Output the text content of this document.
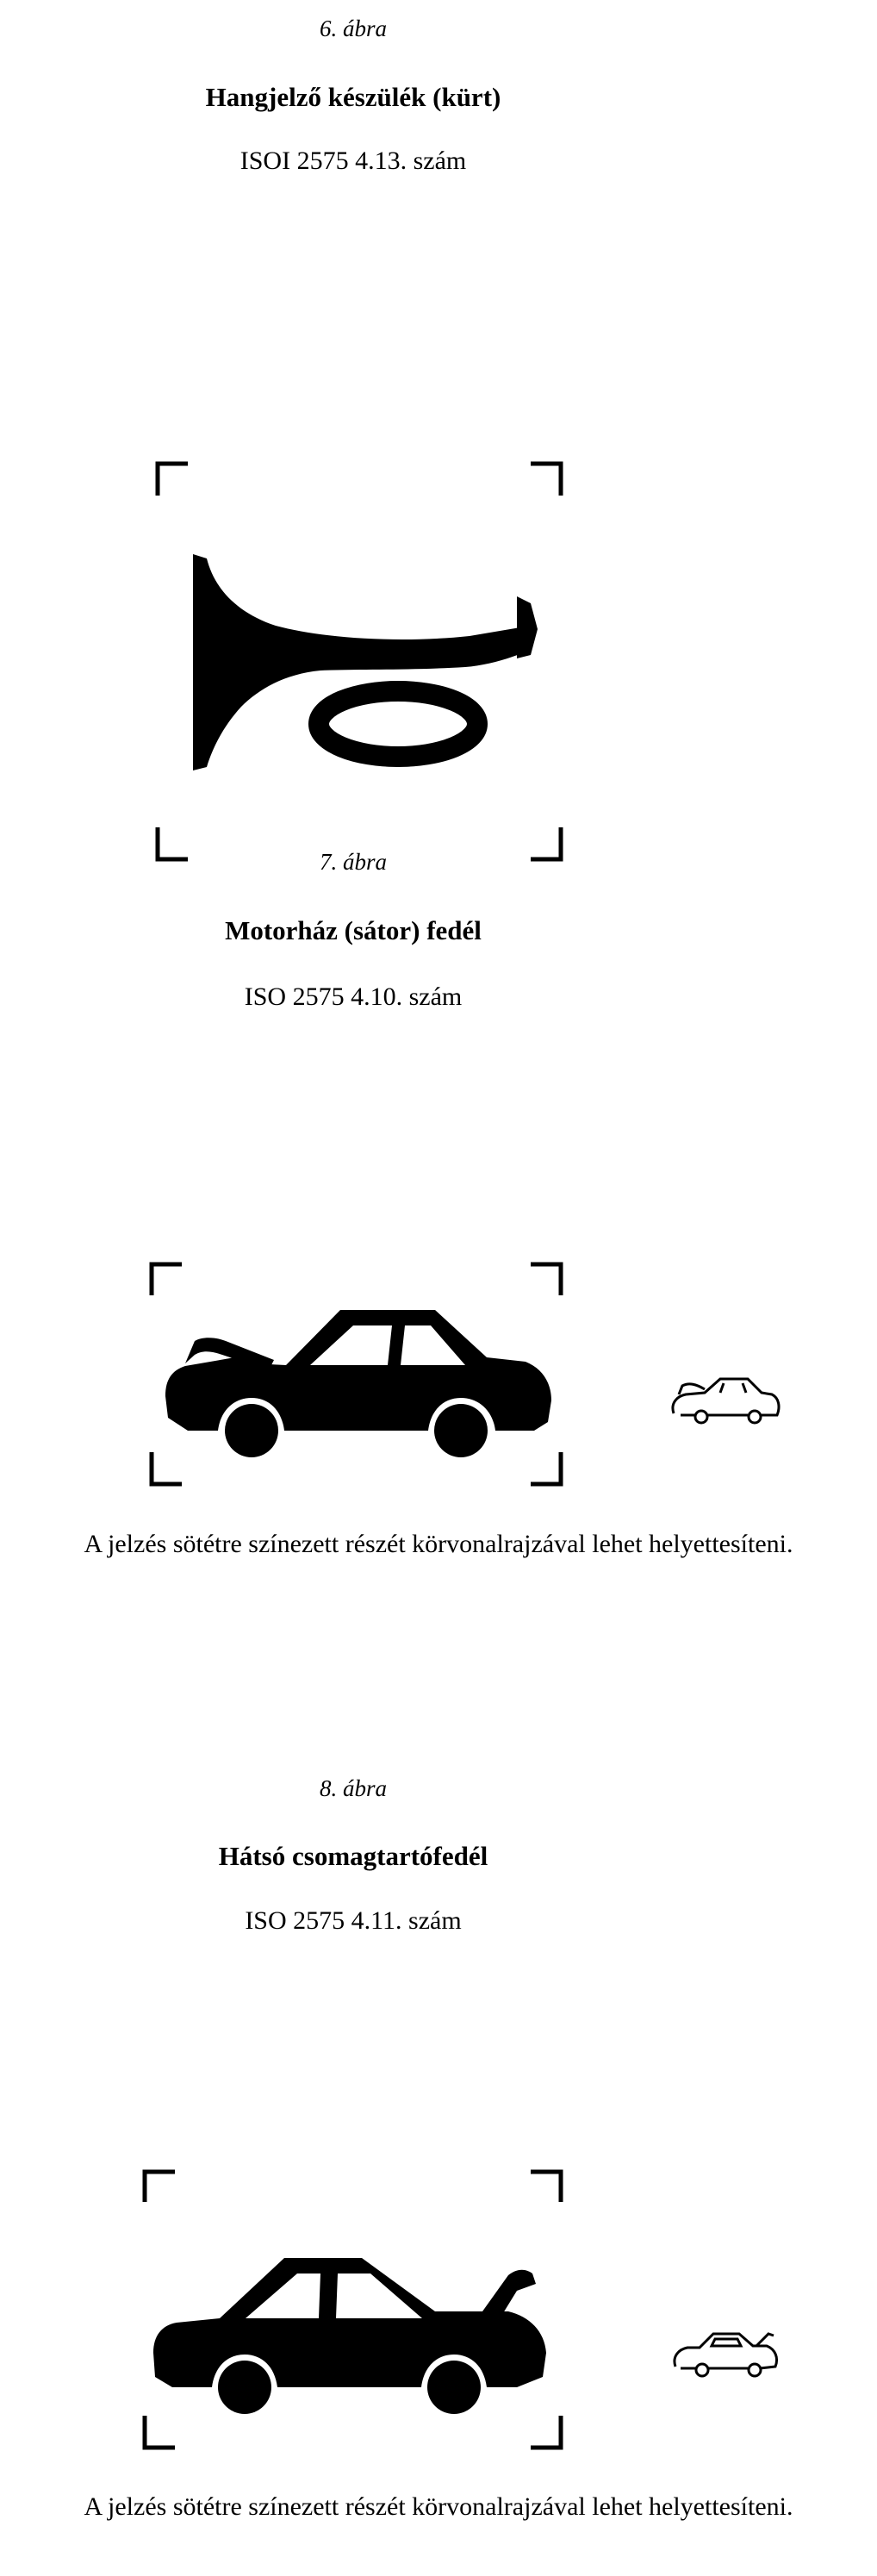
6. ábra

Hangjelző készülék (kürt)

ISOI 2575 4.13. szám

7. ábra

Motorház (sátor) fedél

ISO 2575 4.10. szám

A jelzés sötétre színezett részét körvonalrajzával lehet helyettesíteni.

8. ábra

Hátsó csomagtartófedél

ISO 2575 4.11. szám

A jelzés sötétre színezett részét körvonalrajzával lehet helyettesíteni.
